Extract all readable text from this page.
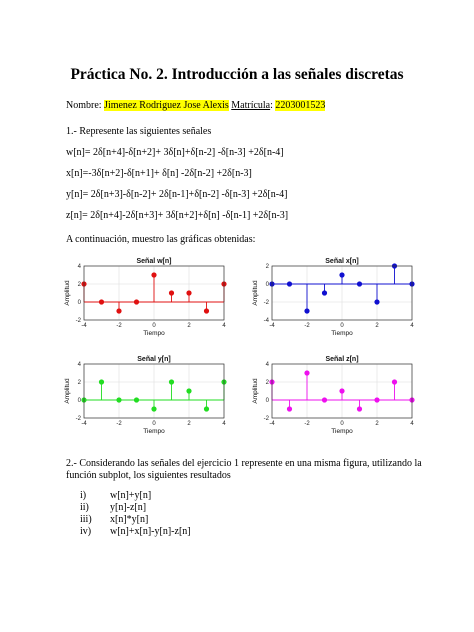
Práctica No. 2. Introducción a las señales discretas
Nombre: Jimenez Rodriguez Jose Alexis Matrícula: 2203001523
1.- Represente las siguientes señales
w[n]= 2δ[n+4]-δ[n+2]+ 3δ[n]+δ[n-2] -δ[n-3] +2δ[n-4]
x[n]=-3δ[n+2]-δ[n+1]+ δ[n] -2δ[n-2] +2δ[n-3]
y[n]= 2δ[n+3]-δ[n-2]+ 2δ[n-1]+δ[n-2] -δ[n-3] +2δ[n-4]
z[n]= 2δ[n+4]-2δ[n+3]+ 3δ[n+2]+δ[n] -δ[n-1] +2δ[n-3]
A continuación, muestro las gráficas obtenidas:
-4	-2	0	2	4
-2
0
2
4
Señal w[n]
Tiempo
Amplitud
-4	-2	0	2	4
-4
-2
0
2
Señal x[n]
Tiempo
Amplitud
-4	-2	0	2	4
-2
0
2
4
Señal y[n]
Tiempo
Amplitud
-4	-2	0	2	4
-2
0
2
4
Señal z[n]
Tiempo
Amplitud
2.- Considerando las señales del ejercicio 1 represente en una misma figura, utilizando la
función subplot, los siguientes resultados
i) w[n]+y[n]
ii) y[n]-z[n]
iii) x[n]*y[n]
iv) w[n]+x[n]-y[n]-z[n]
